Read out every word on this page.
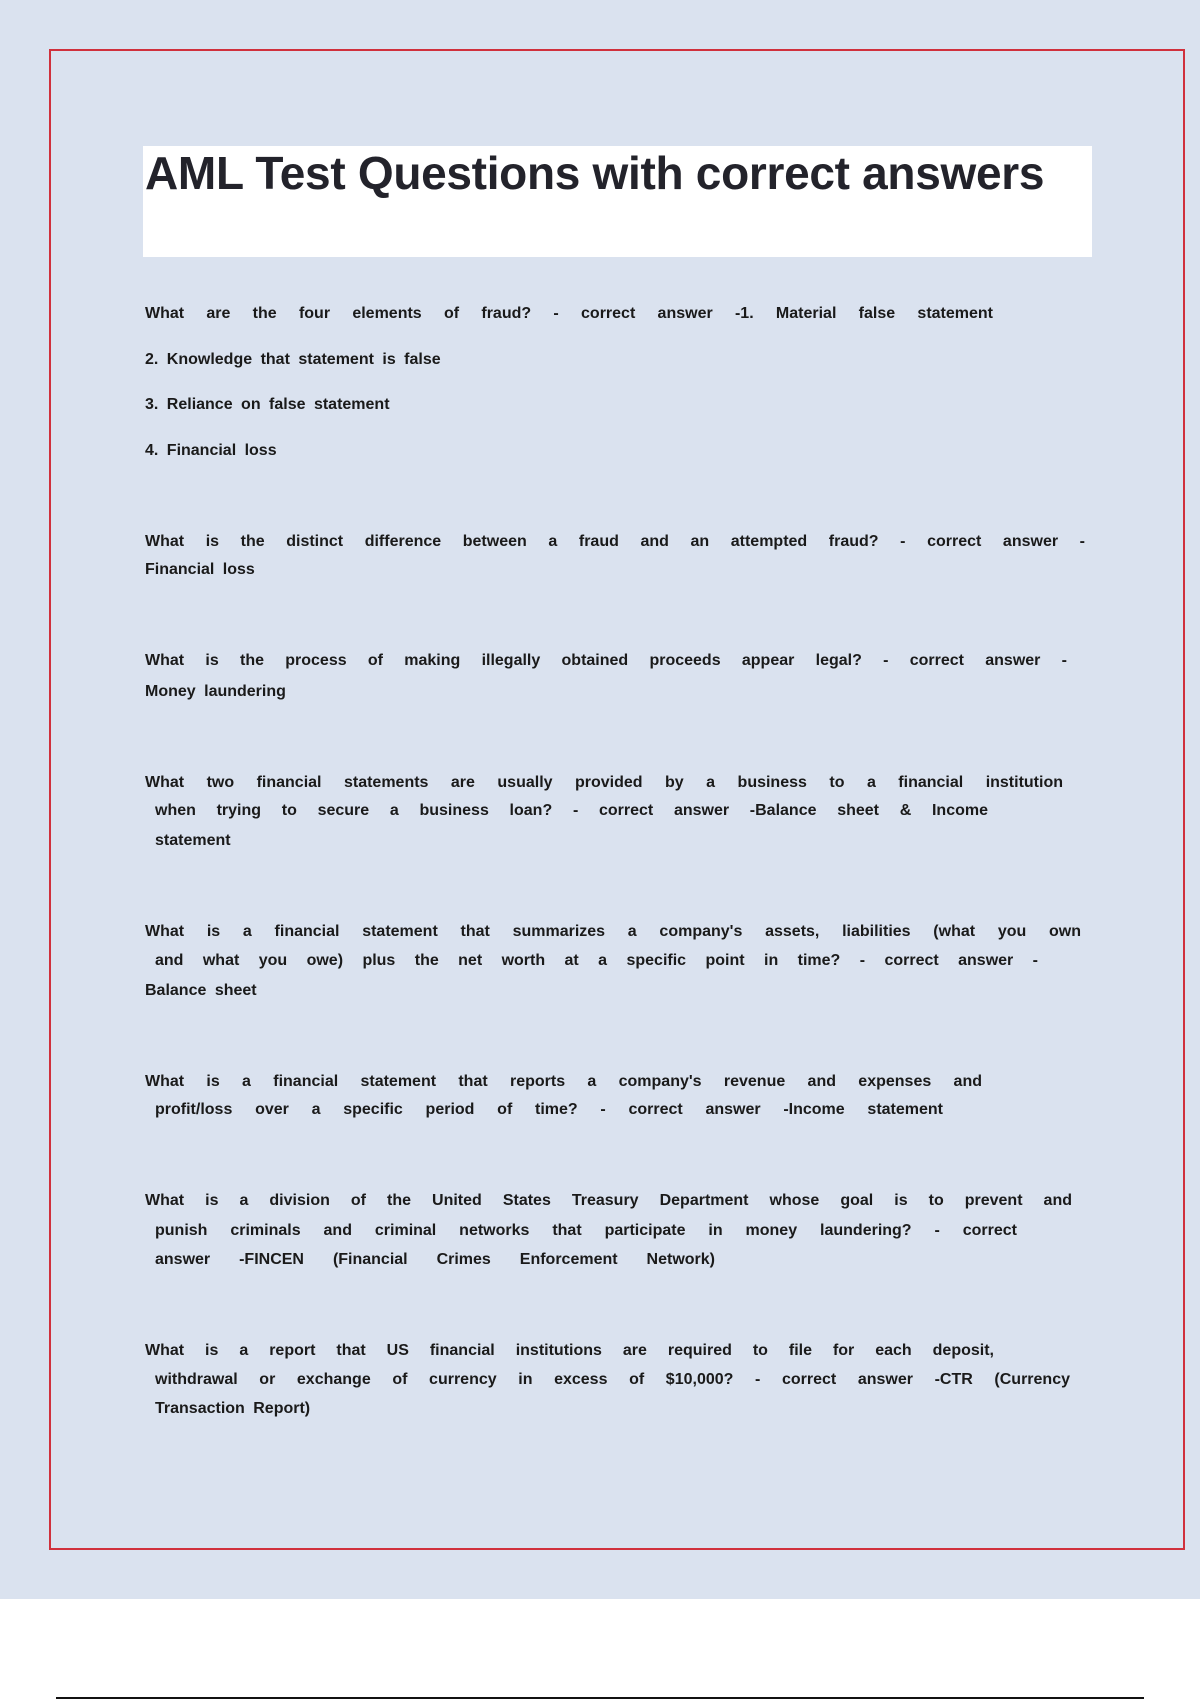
AML Test Questions with correct answers
What are the four elements of fraud? - correct answer -1. Material false statement
2. Knowledge that statement is false
3. Reliance on false statement
4. Financial loss
What is the distinct difference between a fraud and an attempted fraud? - correct answer -
Financial loss
What is the process of making illegally obtained proceeds appear legal? - correct answer -
Money laundering
What two financial statements are usually provided by a business to a financial institution
when trying to secure a business loan? - correct answer -Balance sheet & Income
statement
What is a financial statement that summarizes a company's assets, liabilities (what you own
and what you owe) plus the net worth at a specific point in time? - correct answer -
Balance sheet
What is a financial statement that reports a company's revenue and expenses and
profit/loss over a specific period of time? - correct answer -Income statement
What is a division of the United States Treasury Department whose goal is to prevent and
punish criminals and criminal networks that participate in money laundering? - correct
answer -FINCEN (Financial Crimes Enforcement Network)
What is a report that US financial institutions are required to file for each deposit,
withdrawal or exchange of currency in excess of $10,000? - correct answer -CTR (Currency
Transaction Report)
